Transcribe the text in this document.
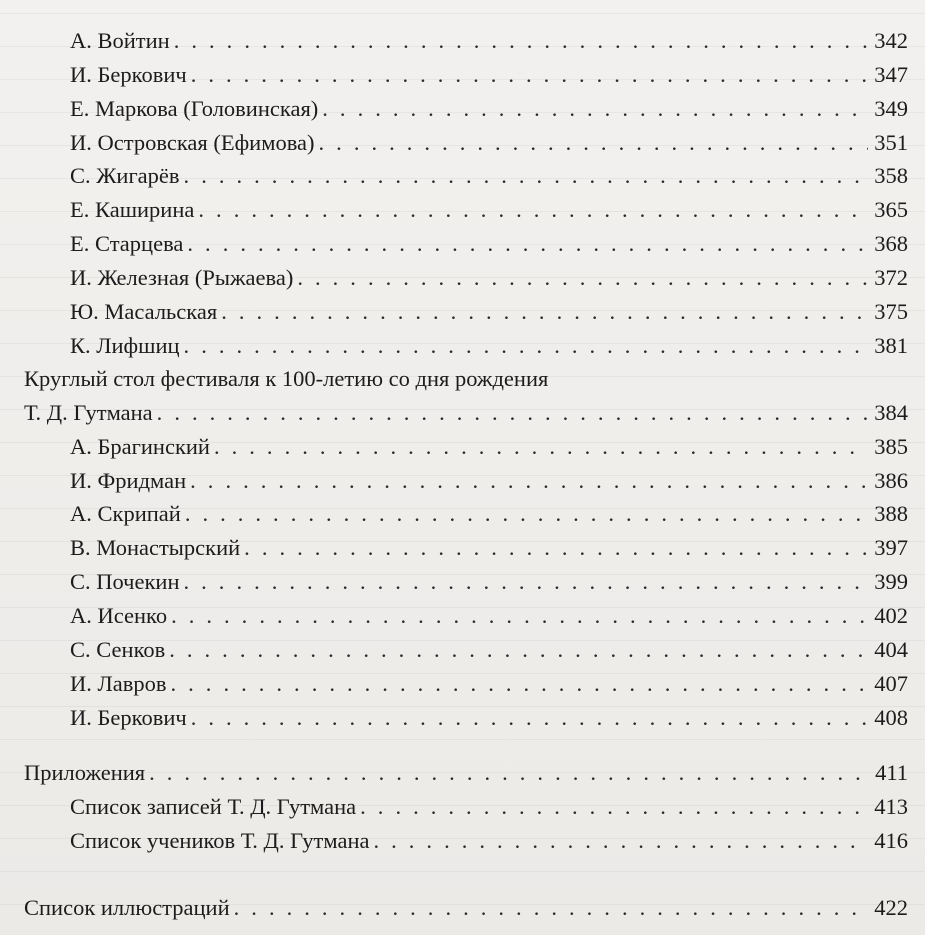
А. Войтин . . .	342
И. Беркович . . .	347
Е. Маркова (Головинская) . . .	349
И. Островская (Ефимова) . . .	351
С. Жигарёв . . .	358
Е. Каширина . . .	365
Е. Старцева . . .	368
И. Железная (Рыжаева) . . .	372
Ю. Масальская . . .	375
К. Лифшиц . . .	381
Круглый стол фестиваля к 100-летию со дня рождения
Т. Д. Гутмана . . .	384
А. Брагинский . . .	385
И. Фридман . . .	386
А. Скрипай . . .	388
В. Монастырский . . .	397
С. Почекин . . .	399
А. Исенко . . .	402
С. Сенков . . .	404
И. Лавров . . .	407
И. Беркович . . .	408
Приложения . . .	411
Список записей Т. Д. Гутмана . . .	413
Список учеников Т. Д. Гутмана . . .	416
Список иллюстраций . . .	422
